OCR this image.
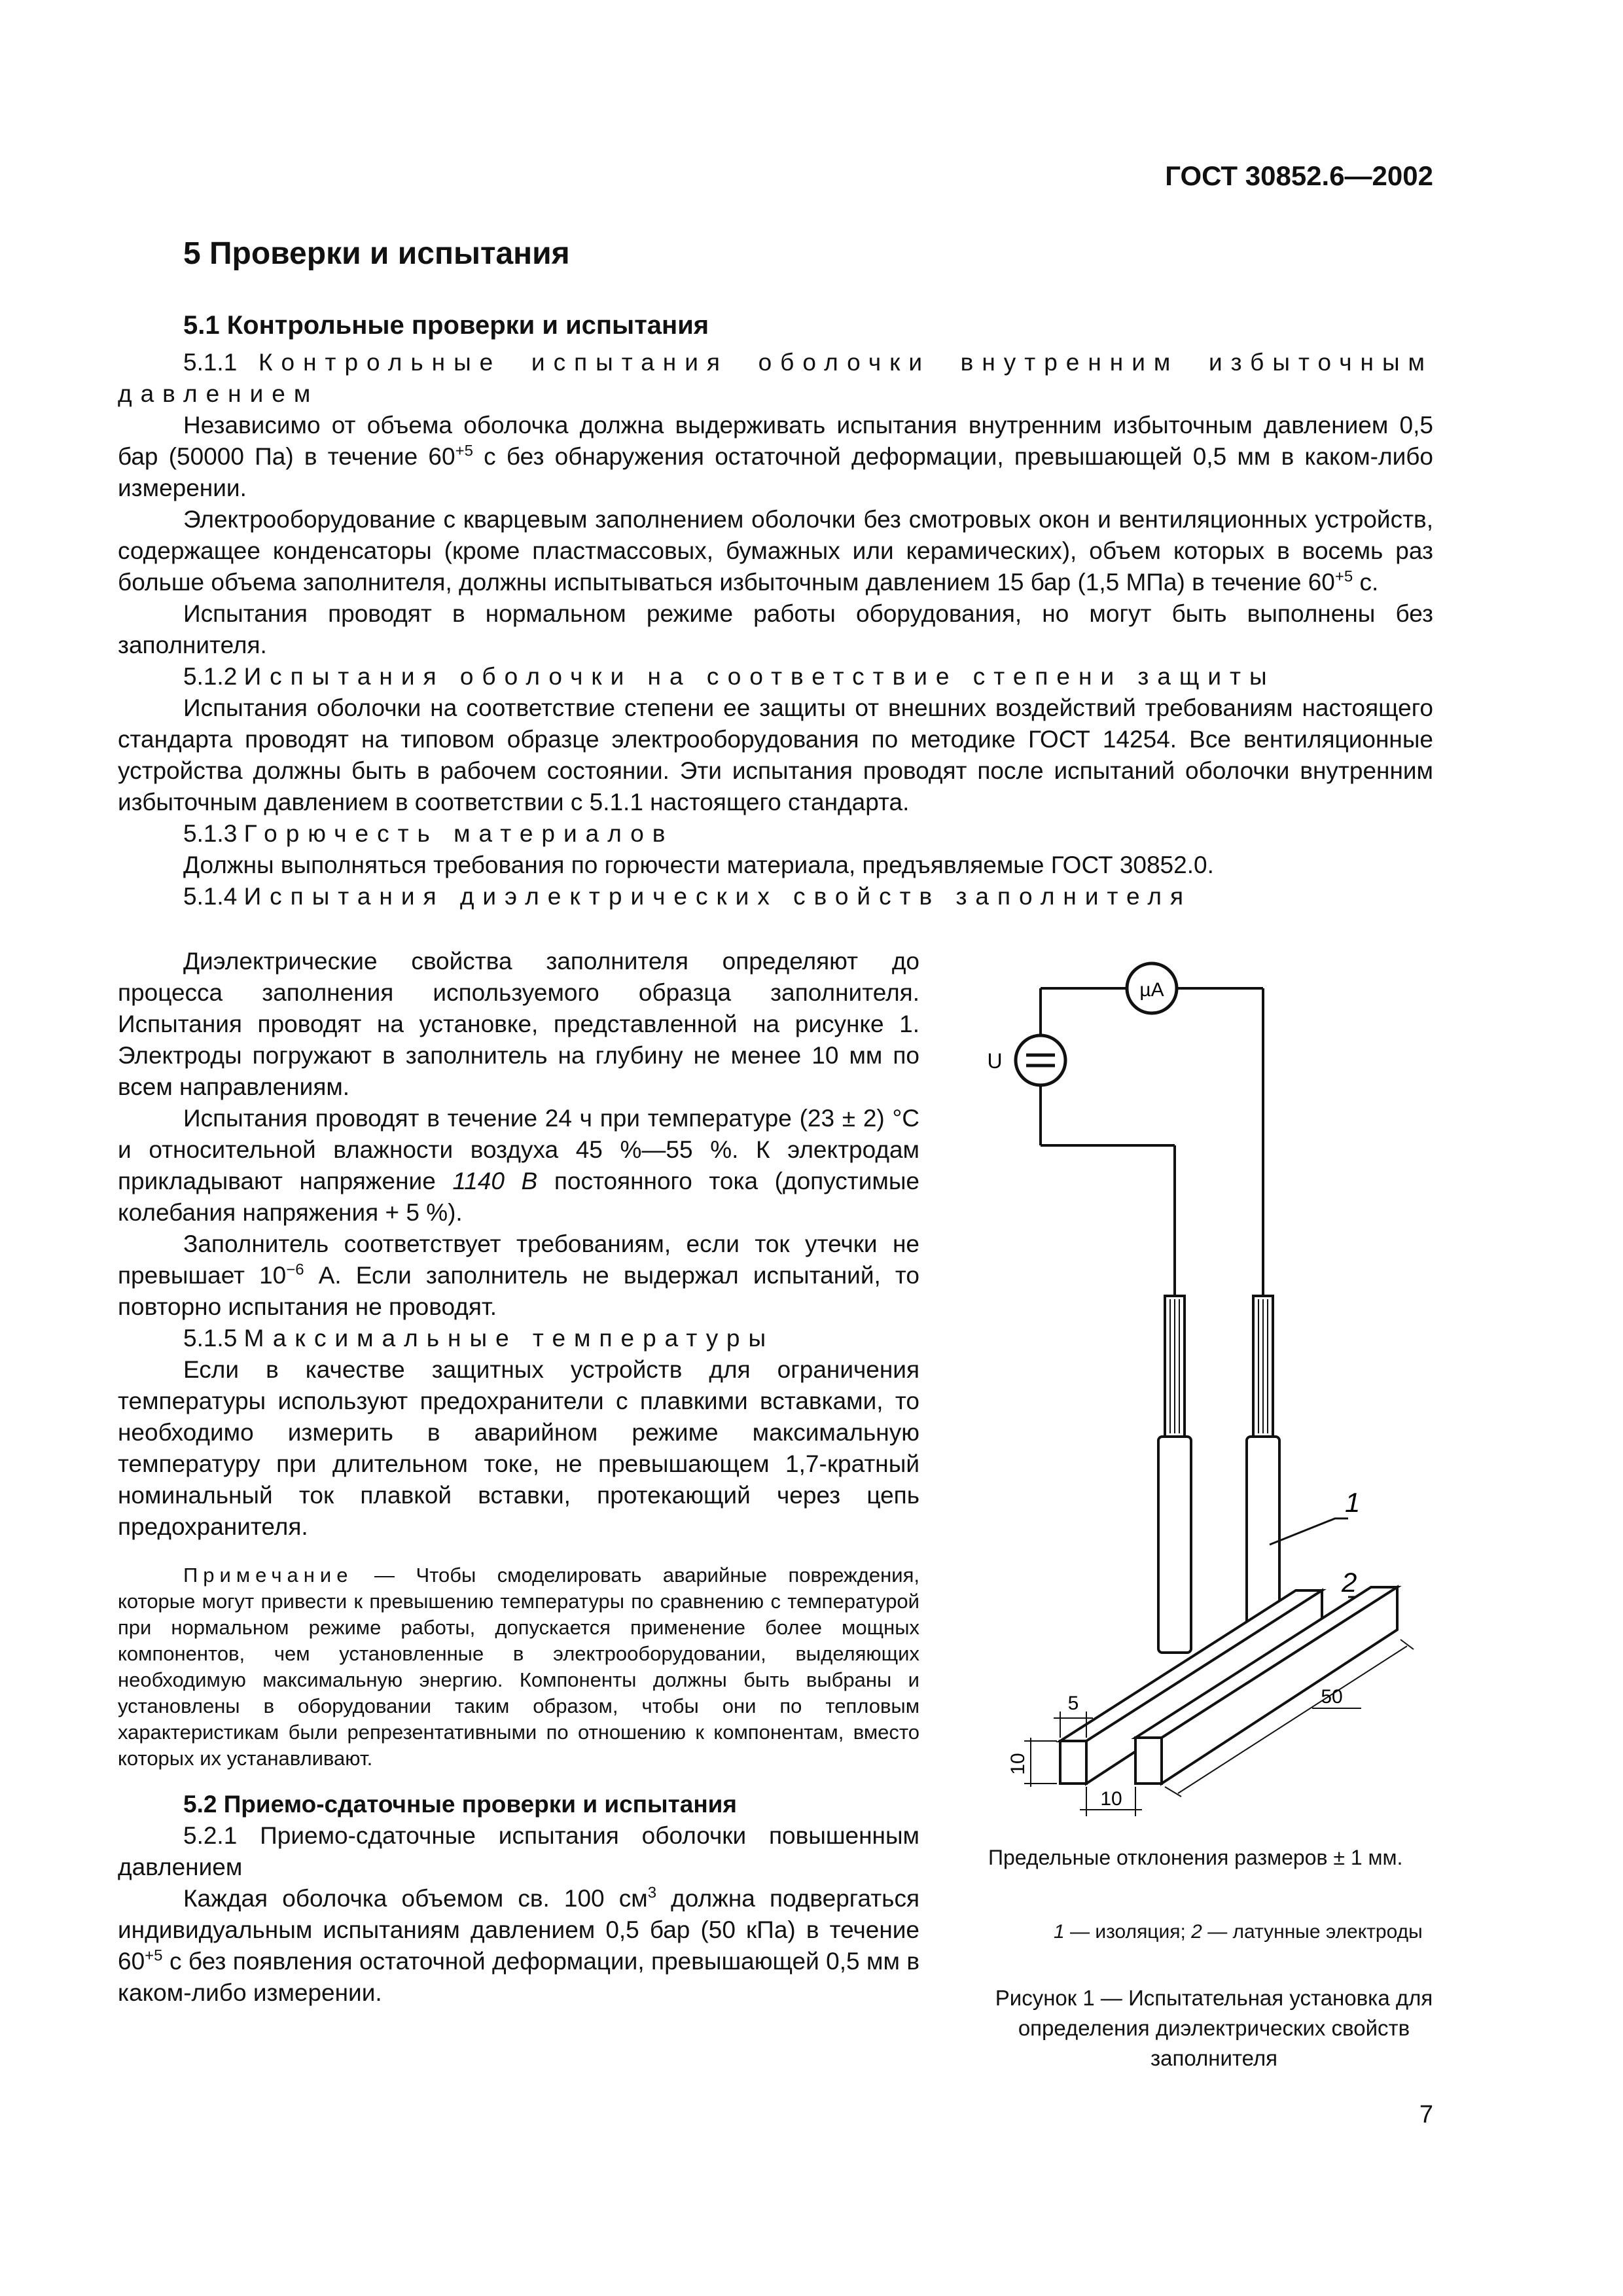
ГОСТ 30852.6—2002
5 Проверки и испытания
5.1 Контрольные проверки и испытания

5.1.1 Контрольные испытания оболочки внутренним избыточным давлением

Независимо от объема оболочка должна выдерживать испытания внутренним избыточным давлением 0,5 бар (50000 Па) в течение $60^{+5}$ с без обнаружения остаточной деформации, превышающей 0,5 мм в каком-либо измерении.

Электрооборудование с кварцевым заполнением оболочки без смотровых окон и вентиляционных устройств, содержащее конденсаторы (кроме пластмассовых, бумажных или керамических), объем которых в восемь раз больше объема заполнителя, должны испытываться избыточным давлением 15 бар (1,5 МПа) в течение $60^{+5}$ с.

Испытания проводят в нормальном режиме работы оборудования, но могут быть выполнены без заполнителя.

5.1.2 Испытания оболочки на соответствие степени защиты

Испытания оболочки на соответствие степени ее защиты от внешних воздействий требованиям настоящего стандарта проводят на типовом образце электрооборудования по методике ГОСТ 14254. Все вентиляционные устройства должны быть в рабочем состоянии. Эти испытания проводят после испытаний оболочки внутренним избыточным давлением в соответствии с 5.1.1 настоящего стандарта.

5.1.3 Горючесть материалов

Должны выполняться требования по горючести материала, предъявляемые ГОСТ 30852.0.

5.1.4 Испытания диэлектрических свойств заполнителя

Диэлектрические свойства заполнителя определяют до процесса заполнения используемого образца заполнителя. Испытания проводят на установке, представленной на рисунке 1. Электроды погружают в заполнитель на глубину не менее 10 мм по всем направлениям.

Испытания проводят в течение 24 ч при температуре (23 ± 2) °С и относительной влажности воздуха 45 %—55 %. К электродам прикладывают напряжение 1140 В постоянного тока (допустимые колебания напряжения + 5 %).

Заполнитель соответствует требованиям, если ток утечки не превышает $10^{-6}$ А. Если заполнитель не выдержал испытаний, то повторно испытания не проводят.

5.1.5 Максимальные температуры

Если в качестве защитных устройств для ограничения температуры используют предохранители с плавкими вставками, то необходимо измерить в аварийном режиме максимальную температуру при длительном токе, не превышающем 1,7-кратный номинальный ток плавкой вставки, протекающий через цепь предохранителя.

Примечание — Чтобы смоделировать аварийные повреждения, которые могут привести к превышению температуры по сравнению с температурой при нормальном режиме работы, допускается применение более мощных компонентов, чем установленные в электрооборудовании, выделяющих необходимую максимальную энергию. Компоненты должны быть выбраны и установлены в оборудовании таким образом, чтобы они по тепловым характеристикам были репрезентативными по отношению к компонентам, вместо которых их устанавливают.

5.2 Приемо-сдаточные проверки и испытания

5.2.1 Приемо-сдаточные испытания оболочки повышенным давлением

Каждая оболочка объемом св. 100 $см^3$ должна подвергаться индивидуальным испытаниям давлением 0,5 бар (50 кПа) в течение $60^{+5}$ с без появления остаточной деформации, превышающей 0,5 мм в каком-либо измерении.

µA
U
1
2
5
10
10
50
Предельные отклонения размеров ± 1 мм.
1 — изоляция; 2 — латунные электроды
Рисунок 1 — Испытательная установка для определения диэлектрических свойств заполнителя
7
